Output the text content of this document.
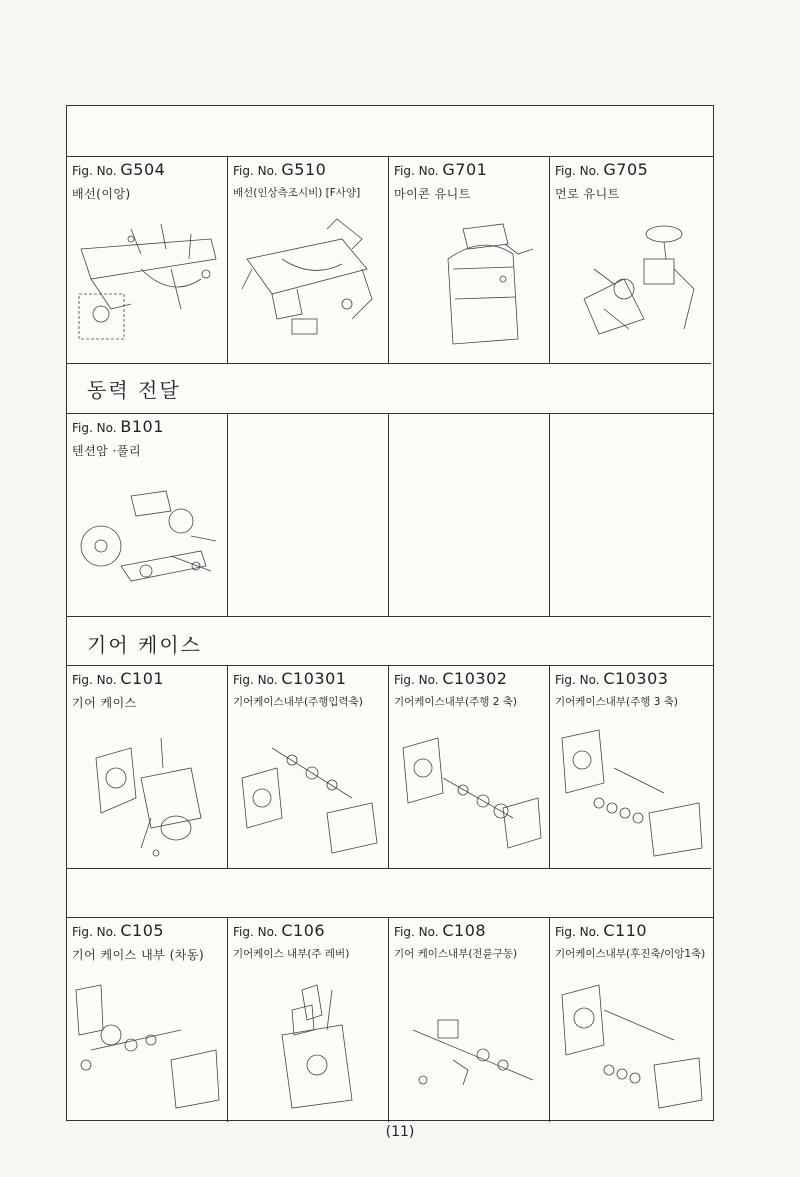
Fig. No. G504
배선(이앙)
Fig. No. G510
배선(인상측조시비) [F사양]
Fig. No. G701
마이콘 유니트
Fig. No. G705
먼로 유니트
동력 전달
Fig. No. B101
텐션암 ·풀리
기어 케이스
Fig. No. C101
기어 케이스
Fig. No. C10301
기어케이스내부(주행입력축)
Fig. No. C10302
기어케이스내부(주행 2 축)
Fig. No. C10303
기어케이스내부(주행 3 축)
Fig. No. C105
기어 케이스 내부 (차동)
Fig. No. C106
기어케이스 내부(주 레버)
Fig. No. C108
기어 케이스내부(전륜구동)
Fig. No. C110
기어케이스내부(후진축/이앙1축)
(11)
